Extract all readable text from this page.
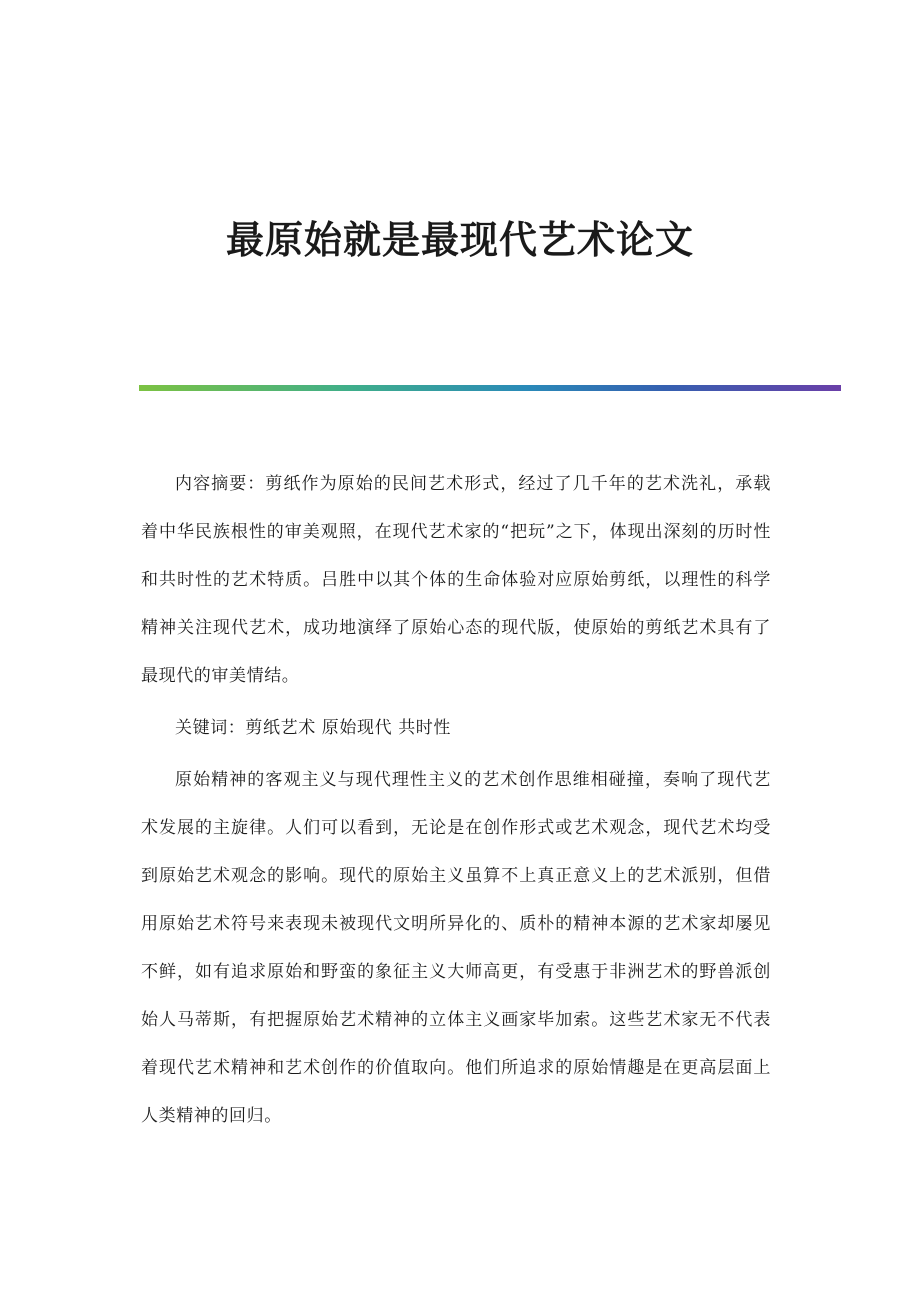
最原始就是最现代艺术论文

内容摘要：剪纸作为原始的民间艺术形式，经过了几千年的艺术洗礼，承载着中华民族根性的审美观照，在现代艺术家的“把玩”之下，体现出深刻的历时性和共时性的艺术特质。吕胜中以其个体的生命体验对应原始剪纸，以理性的科学精神关注现代艺术，成功地演绎了原始心态的现代版，使原始的剪纸艺术具有了最现代的审美情结。

关键词：剪纸艺术 原始现代 共时性

原始精神的客观主义与现代理性主义的艺术创作思维相碰撞，奏响了现代艺术发展的主旋律。人们可以看到，无论是在创作形式或艺术观念，现代艺术均受到原始艺术观念的影响。现代的原始主义虽算不上真正意义上的艺术派别，但借用原始艺术符号来表现未被现代文明所异化的、质朴的精神本源的艺术家却屡见不鲜，如有追求原始和野蛮的象征主义大师高更，有受惠于非洲艺术的野兽派创始人马蒂斯，有把握原始艺术精神的立体主义画家毕加索。这些艺术家无不代表着现代艺术精神和艺术创作的价值取向。他们所追求的原始情趣是在更高层面上人类精神的回归。
